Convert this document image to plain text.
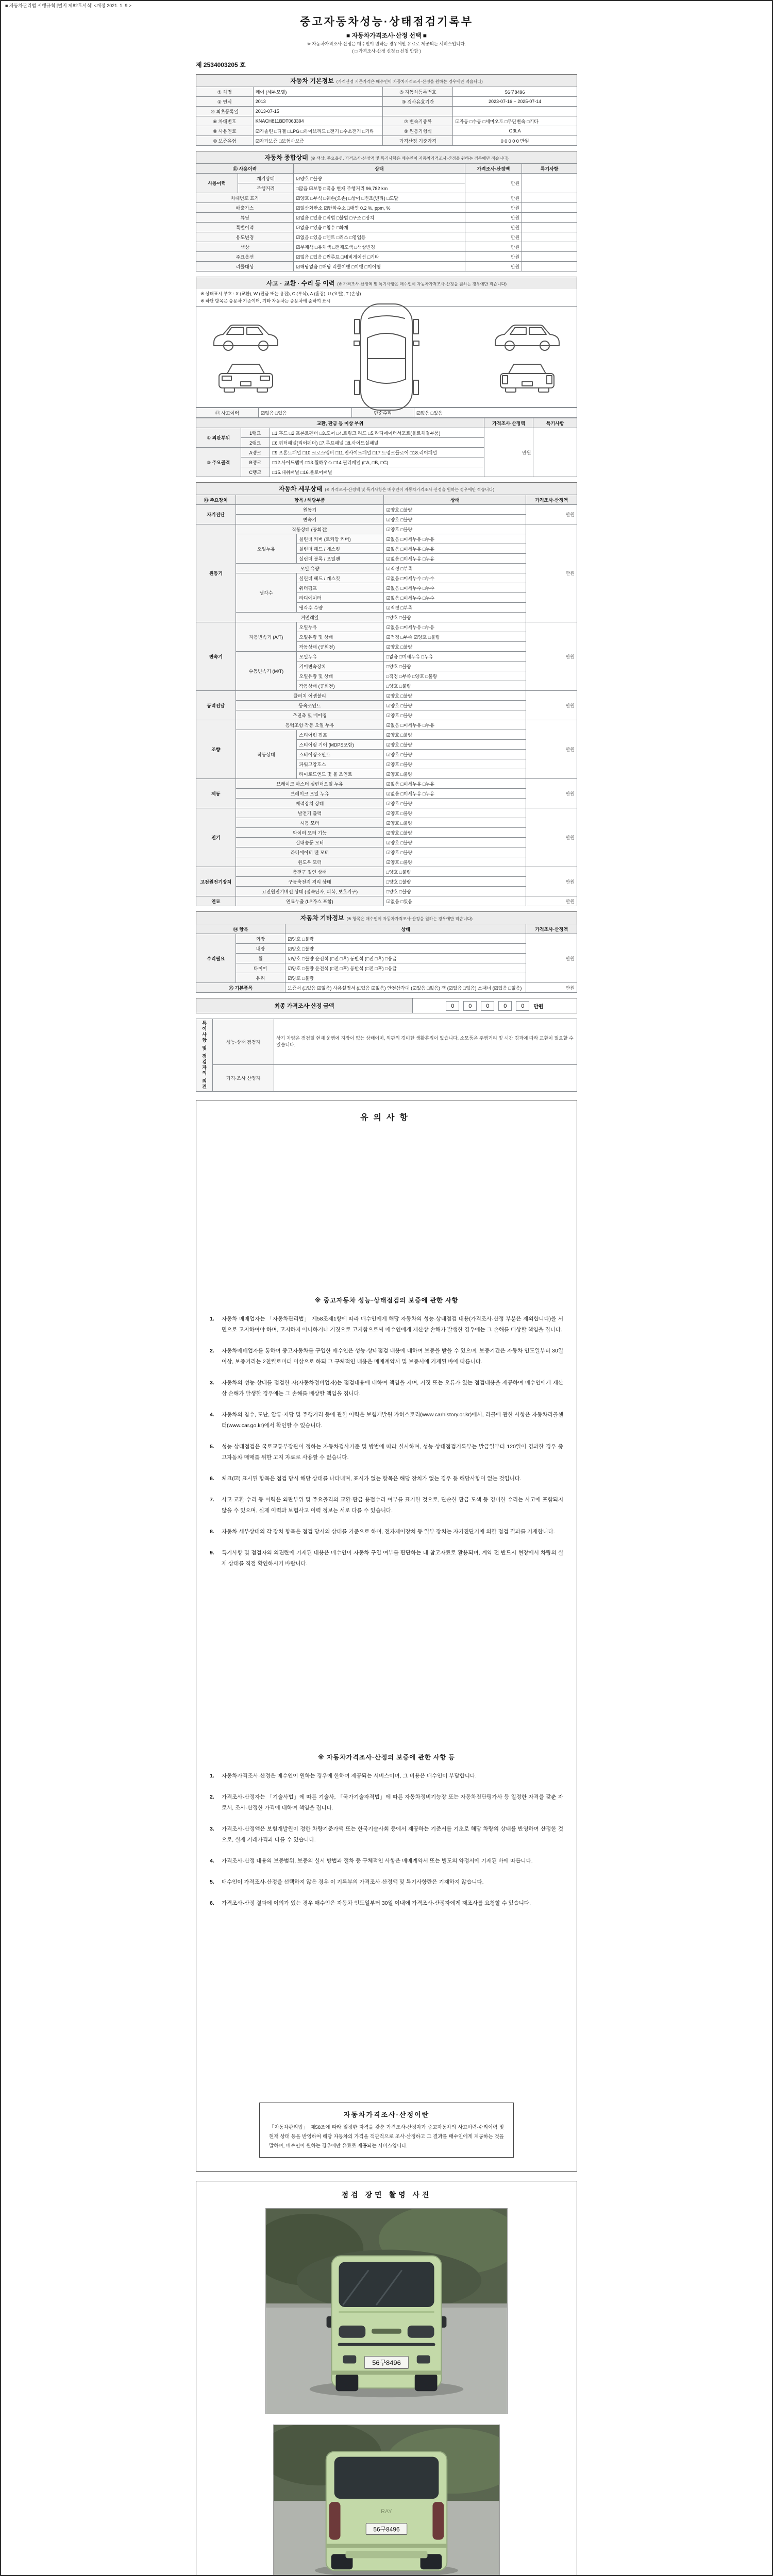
■ 자동차관리법 시행규칙 [별지 제82호서식] <개정 2021. 1. 9.>
중고자동차성능·상태점검기록부
■ 자동차가격조사·산정 선택 ■
※ 자동차가격조사·산정은 매수인이 원하는 경우에만 유료로 제공되는 서비스입니다.
( □ 가격조사·산정 신청 □ 신청 안함 )
제 2534003205 호
자동차 기본정보 (가격산정 기준가격은 매수인이 자동차가격조사·산정을 원하는 경우에만 적습니다)
① 차명	레이 (세부모델)	⑤ 자동차등록번호	56구8496
② 연식	2013	③ 검사유효기간	2023-07-16 ~ 2025-07-14
④ 최초등록일	2013-07-15		
⑥ 차대번호	KNACH811BDT063394	⑦ 변속기종류	☑자동 □수동 □세미오토 □무단변속 □기타
⑧ 사용연료	☑가솔린 □디젤 □LPG □하이브리드 □전기 □수소전기 □기타	⑨ 원동기형식	G3LA
⑩ 보증유형	☑자가보증 □보험사보증	가격산정 기준가격	0 0 0 0 0 만원
자동차 종합상태 (※ 색상, 주요옵션, 가격조사·산정액 및 특기사항은 매수인이 자동차가격조사·산정을 원하는 경우에만 적습니다)
⑪ 사용이력		상태	가격조사·산정액	특기사항
사용이력	계기상태	☑양호 □불량	만원	
	주행거리	□많음 ☑보통 □적음 현재 주행거리 96,782 km		
차대번호 표기		☑양호 □부식 □훼손(오손) □상이 □변조(변타) □도말	만원	
배출가스		☑일산화탄소 ☑탄화수소 □매연 0.2 %, ppm, %	만원	
튜닝		☑없음 □있음 □적법 □불법 □구조 □장치	만원	
특별이력		☑없음 □있음 □침수 □화재	만원	
용도변경		☑없음 □있음 □렌트 □리스 □영업용	만원	
색상		☑무채색 □유채색 □전체도색 □색상변경	만원	
주요옵션		☑없음 □있음 □썬루프 □네비게이션 □기타	만원	
리콜대상		☑해당없음 □해당 리콜이행 □이행 □미이행	만원	
사고 · 교환 · 수리 등 이력 (※ 가격조사·산정액 및 특기사항은 매수인이 자동차가격조사·산정을 원하는 경우에만 적습니다)
※ 상태표시 부호 : X (교환), W (판금 또는 용접), C (부식), A (흠집), U (요철), T (손상)
※ 하단 항목은 승용차 기준이며, 기타 자동차는 승용차에 준하여 표시
⑫ 사고이력	☑없음 □있음	단순수리	☑없음 □있음
교환, 판금 등 이상 부위			가격조사·산정액	특기사항
① 외판부위	1랭크	□1.후드 □2.프론트펜더 □3.도어 □4.트렁크 리드 □5.라디에이터서포트(볼트체결부품)	만원	
	2랭크	□6.쿼터패널(리어펜더) □7.루프패널 □8.사이드실패널		
② 주요골격	A랭크	□9.프론트패널 □10.크로스멤버 □11.인사이드패널 □17.트렁크플로어 □18.리어패널		
	B랭크	□12.사이드멤버 □13.휠하우스 □14.필러패널 (□A, □B, □C)		
	C랭크	□15.대쉬패널 □16.플로어패널		
자동차 세부상태 (※ 가격조사·산정액 및 특기사항은 매수인이 자동차가격조사·산정을 원하는 경우에만 적습니다)
⑬ 주요장치	항목 / 해당부품		상태	가격조사·산정액
자기진단	원동기		☑양호 □불량	만원
	변속기		☑양호 □불량	
원동기	작동상태 (공회전)		☑양호 □불량	만원
	오일누유	실린더 커버 (로커암 커버)	☑없음 □미세누유 □누유	
		실린더 헤드 / 개스킷	☑없음 □미세누유 □누유	
		실린더 블록 / 오일팬	☑없음 □미세누유 □누유	
	오일 유량		☑적정 □부족	
	냉각수	실린더 헤드 / 개스킷	☑없음 □미세누수 □누수	
		워터펌프	☑없음 □미세누수 □누수	
		라디에이터	☑없음 □미세누수 □누수	
		냉각수 수량	☑적정 □부족	
	커먼레일		□양호 □불량	
변속기	자동변속기 (A/T)	오일누유	☑없음 □미세누유 □누유	만원
		오일유량 및 상태	☑적정 □부족 ☑양호 □불량	
		작동상태 (공회전)	☑양호 □불량	
	수동변속기 (M/T)	오일누유	□없음 □미세누유 □누유	
		기어변속장치	□양호 □불량	
		오일유량 및 상태	□적정 □부족 □양호 □불량	
		작동상태 (공회전)	□양호 □불량	
동력전달	클러치 어셈블리		☑양호 □불량	만원
	등속조인트		☑양호 □불량	
	추진축 및 베어링		☑양호 □불량	
조향	동력조향 작동 오일 누유		☑없음 □미세누유 □누유	만원
	작동상태	스티어링 펌프	☑양호 □불량	
		스티어링 기어 (MDPS포함)	☑양호 □불량	
		스티어링조인트	☑양호 □불량	
		파워고압호스	☑양호 □불량	
		타이로드엔드 및 볼 조인트	☑양호 □불량	
제동	브레이크 마스터 실린더오일 누유		☑없음 □미세누유 □누유	만원
	브레이크 오일 누유		☑없음 □미세누유 □누유	
	배력장치 상태		☑양호 □불량	
전기	발전기 출력		☑양호 □불량	만원
	시동 모터		☑양호 □불량	
	와이퍼 모터 기능		☑양호 □불량	
	실내송풍 모터		☑양호 □불량	
	라디에이터 팬 모터		☑양호 □불량	
	윈도우 모터		☑양호 □불량	
고전원전기장치	충전구 절연 상태		□양호 □불량	만원
	구동축전지 격리 상태		□양호 □불량	
	고전원전기배선 상태 (접속단자, 피복, 보호기구)		□양호 □불량	
연료	연료누출 (LP가스 포함)		☑없음 □있음	만원
자동차 기타정보 (※ 항목은 매수인이 자동차가격조사·산정을 원하는 경우에만 적습니다)
⑭ 항목		상태	가격조사·산정액
수리필요	외장	☑양호 □불량	만원
	내장	☑양호 □불량	
	휠	☑양호 □불량 운전석 (□전 □후) 동반석 (□전 □후) □응급	
	타이어	☑양호 □불량 운전석 (□전 □후) 동반석 (□전 □후) □응급	
	유리	☑양호 □불량	
⑮ 기본품목		보증서 (□있음 ☑없음) 사용설명서 (□있음 ☑없음) 안전삼각대 (☑있음 □없음) 잭 (☑있음 □없음) 스패너 (☑있음 □없음)	만원
최종 가격조사·산정 금액	0	0	0	0	0	만원
특이사항 및 점검자의 의견	성능·상태 점검자	상기 차량은 점검일 현재 운행에 지장이 없는 상태이며, 외판의 경미한 생활흠집이 있습니다. 소모품은 주행거리 및 시간 경과에 따라 교환이 필요할 수 있습니다.
	가격·조사 산정자	
유의사항
※ 중고자동차 성능·상태점검의 보증에 관한 사항
1.	자동차 매매업자는 「자동차관리법」 제58조제1항에 따라 매수인에게 해당 자동차의 성능·상태점검 내용(가격조사·산정 부분은 제외합니다)을 서면으로 고지하여야 하며, 고지하지 아니하거나 거짓으로 고지함으로써 매수인에게 재산상 손해가 발생한 경우에는 그 손해를 배상할 책임을 집니다.
2.	자동차매매업자를 통하여 중고자동차를 구입한 매수인은 성능·상태점검 내용에 대하여 보증을 받을 수 있으며, 보증기간은 자동차 인도일부터 30일 이상, 보증거리는 2천킬로미터 이상으로 하되 그 구체적인 내용은 매매계약서 및 보증서에 기재된 바에 따릅니다.
3.	자동차의 성능·상태를 점검한 자(자동차정비업자)는 점검내용에 대하여 책임을 지며, 거짓 또는 오류가 있는 점검내용을 제공하여 매수인에게 재산상 손해가 발생한 경우에는 그 손해를 배상할 책임을 집니다.
4.	자동차의 침수, 도난, 압류·저당 및 주행거리 등에 관한 이력은 보험개발원 카히스토리(www.carhistory.or.kr)에서, 리콜에 관한 사항은 자동차리콜센터(www.car.go.kr)에서 확인할 수 있습니다.
5.	성능·상태점검은 국토교통부장관이 정하는 자동차검사기준 및 방법에 따라 실시하며, 성능·상태점검기록부는 발급일부터 120일이 경과한 경우 중고자동차 매매를 위한 고지 자료로 사용할 수 없습니다.
6.	체크(☑) 표시된 항목은 점검 당시 해당 상태를 나타내며, 표시가 없는 항목은 해당 장치가 없는 경우 등 해당사항이 없는 것입니다.
7.	사고·교환·수리 등 이력은 외판부위 및 주요골격의 교환·판금·용접수리 여부를 표기한 것으로, 단순한 판금·도색 등 경미한 수리는 사고에 포함되지 않을 수 있으며, 실제 이력과 보험사고 이력 정보는 서로 다를 수 있습니다.
8.	자동차 세부상태의 각 장치 항목은 점검 당시의 상태를 기준으로 하며, 전자제어장치 등 일부 장치는 자기진단기에 의한 점검 결과를 기재합니다.
9.	특기사항 및 점검자의 의견란에 기재된 내용은 매수인이 자동차 구입 여부를 판단하는 데 참고자료로 활용되며, 계약 전 반드시 현장에서 차량의 실제 상태를 직접 확인하시기 바랍니다.
※ 자동차가격조사·산정의 보증에 관한 사항 등
1.	자동차가격조사·산정은 매수인이 원하는 경우에 한하여 제공되는 서비스이며, 그 비용은 매수인이 부담합니다.
2.	가격조사·산정자는 「기술사법」에 따른 기술사, 「국가기술자격법」에 따른 자동차정비기능장 또는 자동차진단평가사 등 일정한 자격을 갖춘 자로서, 조사·산정한 가격에 대하여 책임을 집니다.
3.	가격조사·산정액은 보험개발원이 정한 차량기준가액 또는 한국기술사회 등에서 제공하는 기준서를 기초로 해당 차량의 상태를 반영하여 산정한 것으로, 실제 거래가격과 다를 수 있습니다.
4.	가격조사·산정 내용의 보증범위, 보증의 실시 방법과 절차 등 구체적인 사항은 매매계약서 또는 별도의 약정서에 기재된 바에 따릅니다.
5.	매수인이 가격조사·산정을 선택하지 않은 경우 이 기록부의 가격조사·산정액 및 특기사항란은 기재하지 않습니다.
6.	가격조사·산정 결과에 이의가 있는 경우 매수인은 자동차 인도일부터 30일 이내에 가격조사·산정자에게 재조사를 요청할 수 있습니다.
자동차가격조사·산정이란
「자동차관리법」 제58조에 따라 일정한 자격을 갖춘 가격조사·산정자가 중고자동차의 사고이력·수리이력 및 현재 상태 등을 반영하여 해당 자동차의 가격을 객관적으로 조사·산정하고 그 결과를 매수인에게 제공하는 것을 말하며, 매수인이 원하는 경우에만 유료로 제공되는 서비스입니다.
점검 장면 촬영 사진
56구8496
RAY
56구8496
